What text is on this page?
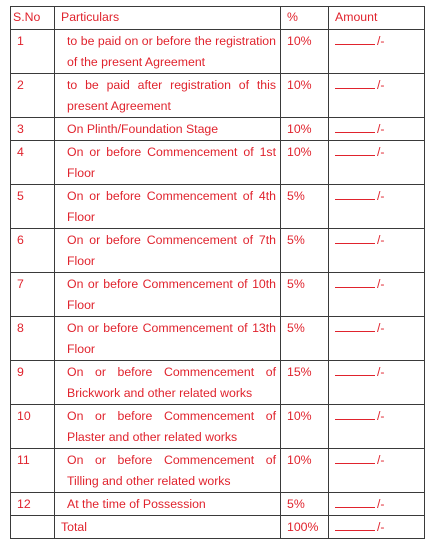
S.No	Particulars	%	Amount
1	to be paid on or before the registration of the present Agreement	10%	/-
2	to be paid after registration of this present Agreement	10%	/-
3	On Plinth/Foundation Stage	10%	/-
4	On or before Commencement of 1st Floor	10%	/-
5	On or before Commencement of 4th Floor	5%	/-
6	On or before Commencement of 7th Floor	5%	/-
7	On or before Commencement of 10th Floor	5%	/-
8	On or before Commencement of 13th Floor	5%	/-
9	On or before Commencement of Brickwork and other related works	15%	/-
10	On or before Commencement of Plaster and other related works	10%	/-
11	On or before Commencement of Tilling and other related works	10%	/-
12	At the time of Possession	5%	/-
	Total	100%	/-
